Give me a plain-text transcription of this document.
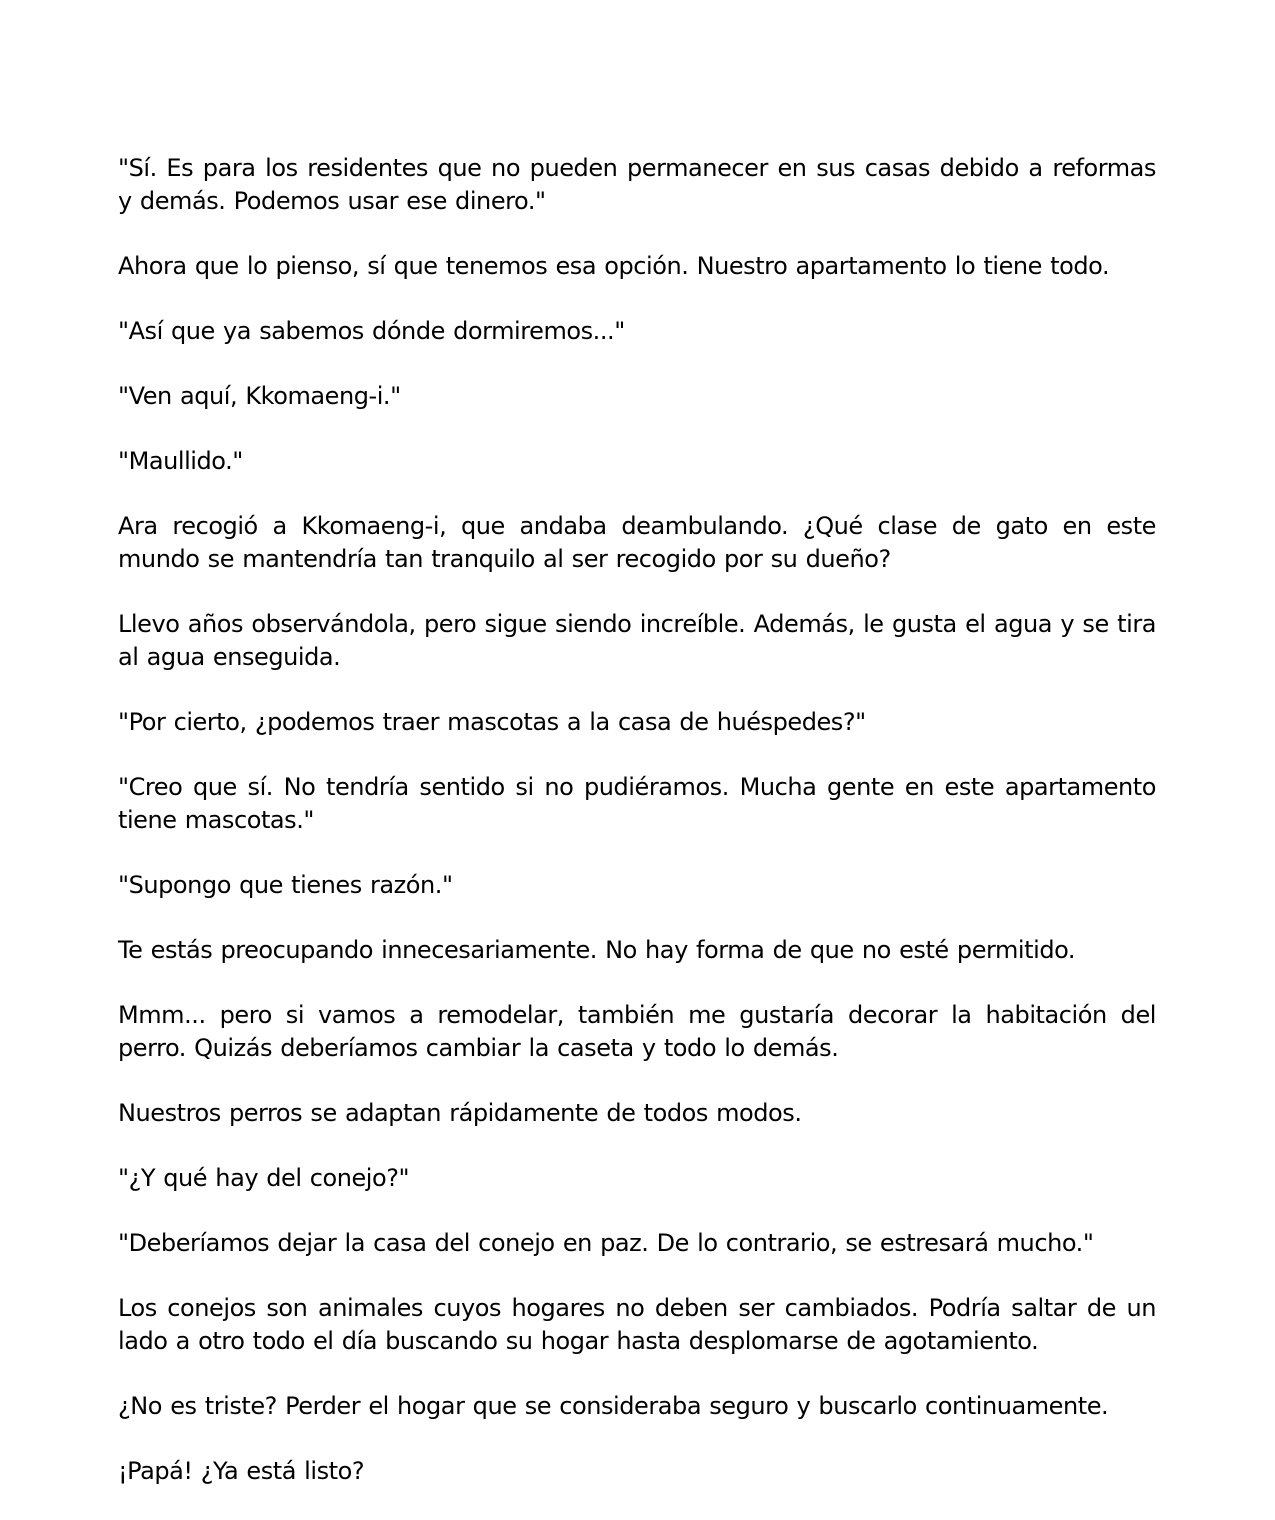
"Sí. Es para los residentes que no pueden permanecer en sus casas debido a reformas y demás. Podemos usar ese dinero."

Ahora que lo pienso, sí que tenemos esa opción. Nuestro apartamento lo tiene todo.

"Así que ya sabemos dónde dormiremos..."

"Ven aquí, Kkomaeng-i."

"Maullido."

Ara recogió a Kkomaeng-i, que andaba deambulando. ¿Qué clase de gato en este mundo se mantendría tan tranquilo al ser recogido por su dueño?

Llevo años observándola, pero sigue siendo increíble. Además, le gusta el agua y se tira al agua enseguida.

"Por cierto, ¿podemos traer mascotas a la casa de huéspedes?"

"Creo que sí. No tendría sentido si no pudiéramos. Mucha gente en este apartamento tiene mascotas."

"Supongo que tienes razón."

Te estás preocupando innecesariamente. No hay forma de que no esté permitido.

Mmm... pero si vamos a remodelar, también me gustaría decorar la habitación del perro. Quizás deberíamos cambiar la caseta y todo lo demás.

Nuestros perros se adaptan rápidamente de todos modos.

"¿Y qué hay del conejo?"

"Deberíamos dejar la casa del conejo en paz. De lo contrario, se estresará mucho."

Los conejos son animales cuyos hogares no deben ser cambiados. Podría saltar de un lado a otro todo el día buscando su hogar hasta desplomarse de agotamiento.

¿No es triste? Perder el hogar que se consideraba seguro y buscarlo continuamente.

¡Papá! ¿Ya está listo?
